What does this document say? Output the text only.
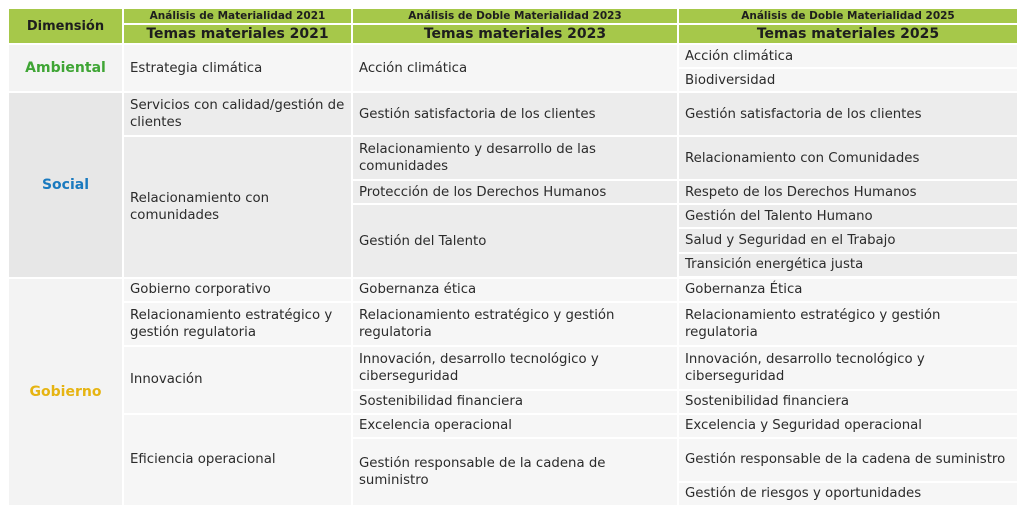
Dimensión	Análisis de Materialidad 2021	Análisis de Doble Materialidad 2023	Análisis de Doble Materialidad 2025
	Temas materiales 2021	Temas materiales 2023	Temas materiales 2025
Ambiental	Estrategia climática	Acción climática	Acción climática
			Biodiversidad
Social	Servicios con calidad/gestión de clientes	Gestión satisfactoria de los clientes	Gestión satisfactoria de los clientes
	Relacionamiento con comunidades	Relacionamiento y desarrollo de las comunidades	Relacionamiento con Comunidades
		Protección de los Derechos Humanos	Respeto de los Derechos Humanos
		Gestión del Talento	Gestión del Talento Humano
			Salud y Seguridad en el Trabajo
			Transición energética justa

Gobierno	Gobierno corporativo	Gobernanza ética	Gobernanza Ética
	Relacionamiento estratégico y gestión regulatoria	Relacionamiento estratégico y gestión regulatoria	Relacionamiento estratégico y gestión regulatoria
	Innovación	Innovación, desarrollo tecnológico y ciberseguridad	Innovación, desarrollo tecnológico y ciberseguridad
		Sostenibilidad financiera	Sostenibilidad financiera
	Eficiencia operacional	Excelencia operacional	Excelencia y Seguridad operacional
		Gestión responsable de la cadena de suministro	Gestión responsable de la cadena de suministro
			Gestión de riesgos y oportunidades
